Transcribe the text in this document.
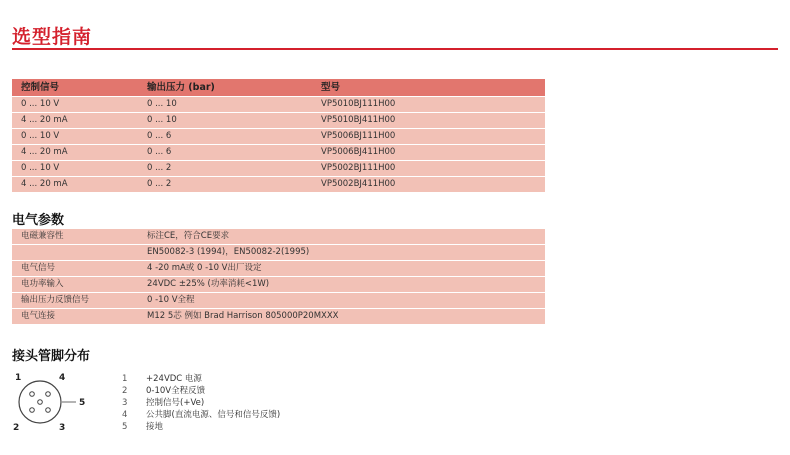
选型指南
控制信号	输出压力 (bar)	型号
0 ... 10 V	0 ... 10	VP5010BJ111H00
4 ... 20 mA	0 ... 10	VP5010BJ411H00
0 ... 10 V	0 ... 6	VP5006BJ111H00
4 ... 20 mA	0 ... 6	VP5006BJ411H00
0 ... 10 V	0 ... 2	VP5002BJ111H00
4 ... 20 mA	0 ... 2	VP5002BJ411H00
电气参数
电磁兼容性	标注CE，符合CE要求
	EN50082-3 (1994)，EN50082-2(1995)
电气信号	4 -20 mA或 0 -10 V出厂设定
电功率输入	24VDC ±25% (功率消耗<1W)
输出压力反馈信号	0 -10 V全程
电气连接	M12 5芯 例如 Brad Harrison 805000P20MXXX
接头管脚分布
1	4
5
2	3
1	+24VDC 电源
2	0-10V全程反馈
3	控制信号(+Ve)
4	公共脚(直流电源、信号和信号反馈)
5	接地
